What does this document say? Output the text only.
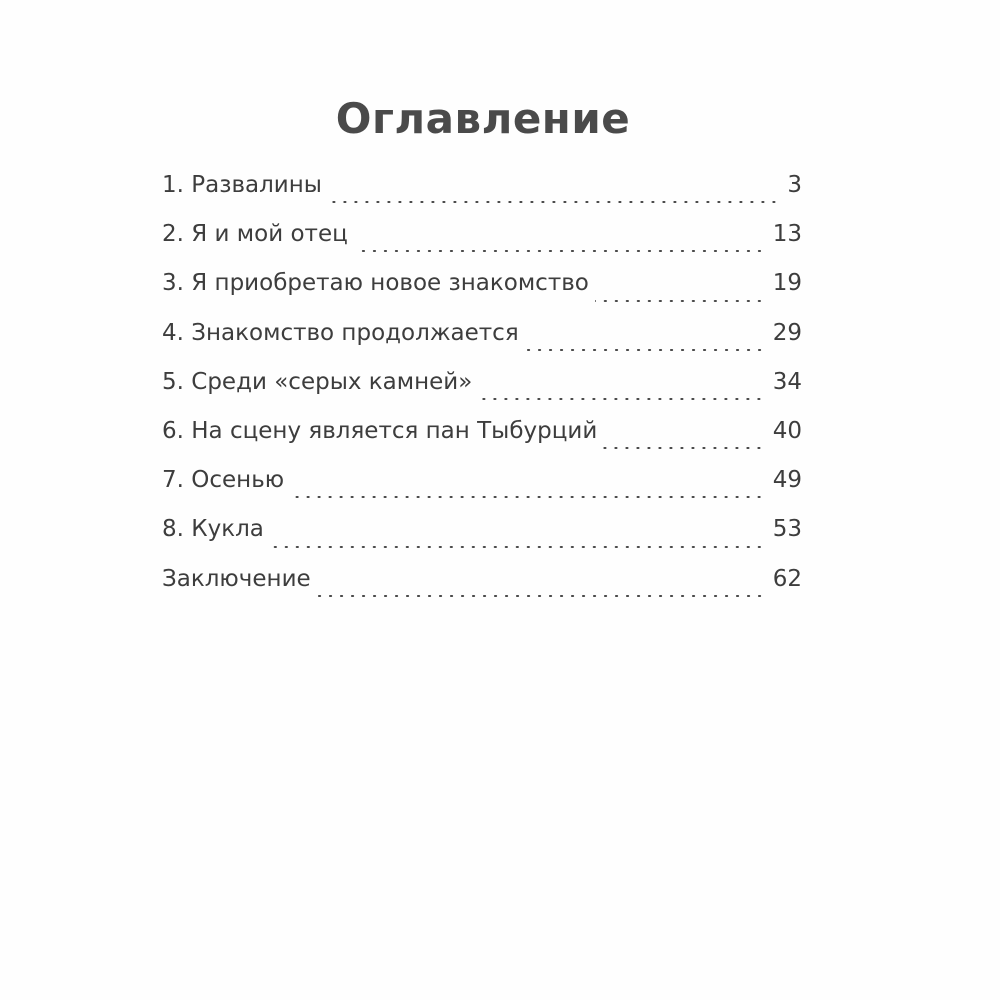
Оглавление
1. Развалины	3
2. Я и мой отец	13
3. Я приобретаю новое знакомство	19
4. Знакомство продолжается	29
5. Среди «серых камней»	34
6. На сцену является пан Тыбурций	40
7. Осенью	49
8. Кукла	53
Заключение	62
